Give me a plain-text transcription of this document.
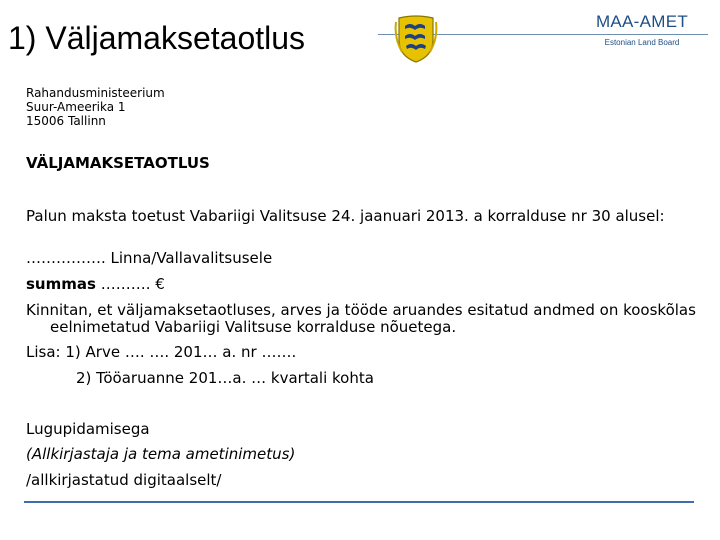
1) Väljamaksetaotlus	MAA-AMET
Estonian Land Board
Rahandusministeerium
Suur-Ameerika 1
15006 Tallinn
VÄLJAMAKSETAOTLUS
Palun maksta toetust Vabariigi Valitsuse 24. jaanuari 2013. a korralduse nr 30 alusel:
……………. Linna/Vallavalitsusele
summas ………. €
Kinnitan, et väljamaksetaotluses, arves ja tööde aruandes esitatud andmed on kooskõlas eelnimetatud Vabariigi Valitsuse korralduse nõuetega.
Lisa: 1) Arve …. …. 201… a. nr …….
2) Tööaruanne 201…a. … kvartali kohta
Lugupidamisega
(Allkirjastaja ja tema ametinimetus)
/allkirjastatud digitaalselt/
